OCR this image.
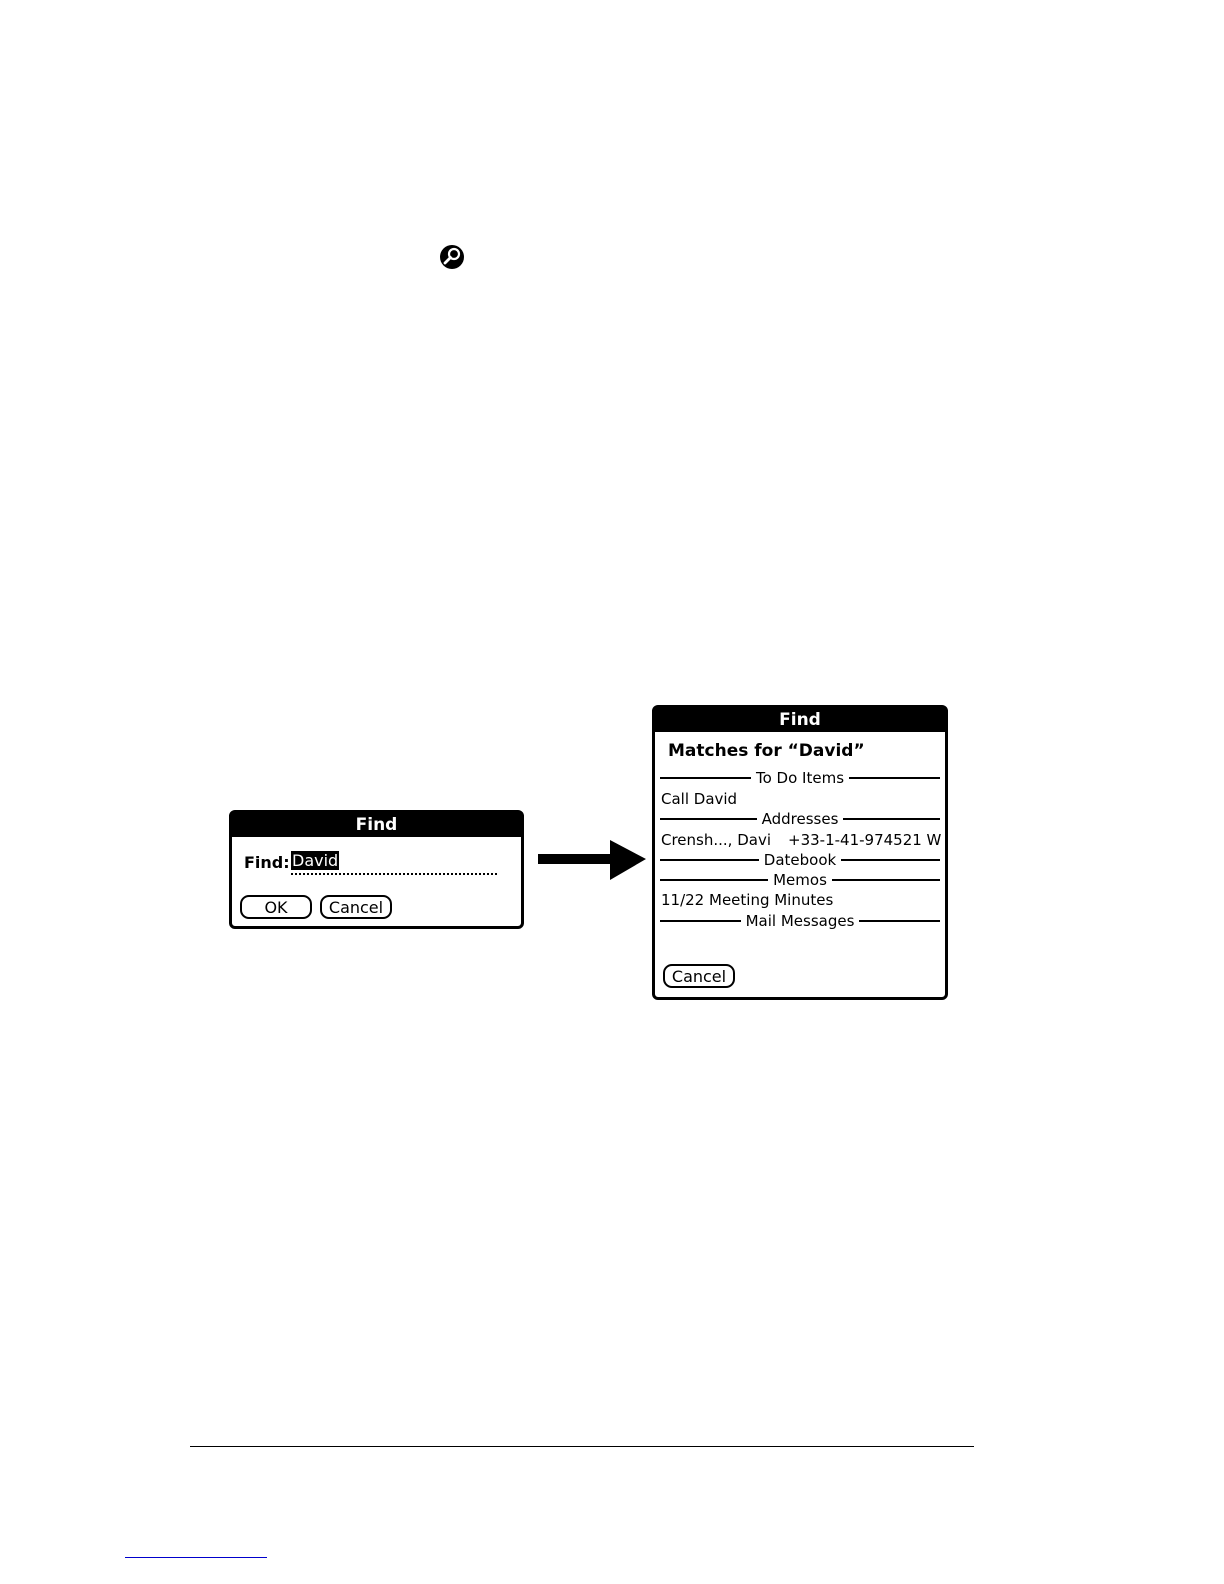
Find
Find: David
OK	Cancel
Find
Matches for “David”
To Do Items
Call David
Addresses
Crensh..., Davi +33-1-41-974521 W
Datebook
Memos
11/22 Meeting Minutes
Mail Messages
Cancel
